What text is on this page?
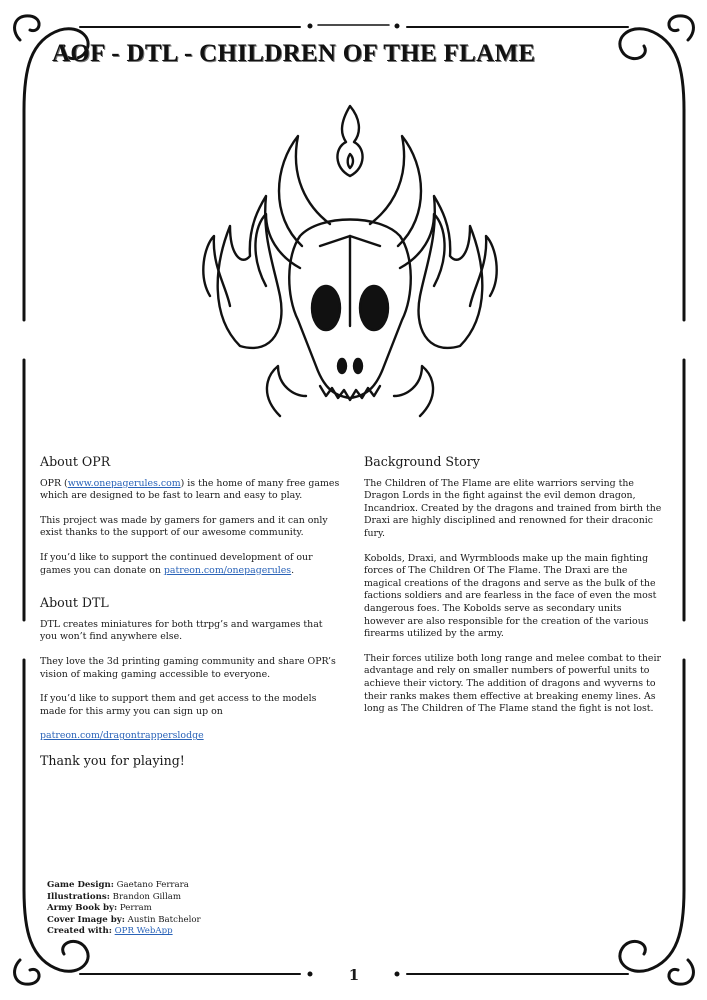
AOF - DTL - CHILDREN OF THE FLAME
About OPR

OPR (www.onepagerules.com) is the home of many free games which are designed to be fast to learn and easy to play.

This project was made by gamers for gamers and it can only exist thanks to the support of our awesome community.

If you’d like to support the continued development of our games you can donate on patreon.com/onepagerules.

About DTL

DTL creates miniatures for both ttrpg’s and wargames that you won’t find anywhere else.

They love the 3d printing gaming community and share OPR’s vision of making gaming accessible to everyone.

If you’d like to support them and get access to the models made for this army you can sign up on

patreon.com/dragontrapperslodge

Thank you for playing!

Background Story

The Children of The Flame are elite warriors serving the Dragon Lords in the fight against the evil demon dragon, Incandriox. Created by the dragons and trained from birth the Draxi are highly disciplined and renowned for their draconic fury.

Kobolds, Draxi, and Wyrmbloods make up the main fighting forces of The Children Of The Flame. The Draxi are the magical creations of the dragons and serve as the bulk of the factions soldiers and are fearless in the face of even the most dangerous foes. The Kobolds serve as secondary units however are also responsible for the creation of the various firearms utilized by the army.

Their forces utilize both long range and melee combat to their advantage and rely on smaller numbers of powerful units to achieve their victory. The addition of dragons and wyverns to their ranks makes them effective at breaking enemy lines. As long as The Children of The Flame stand the fight is not lost.

Game Design: Gaetano Ferrara
Illustrations: Brandon Gillam
Army Book by: Perram
Cover Image by: Austin Batchelor
Created with: OPR WebApp
1
